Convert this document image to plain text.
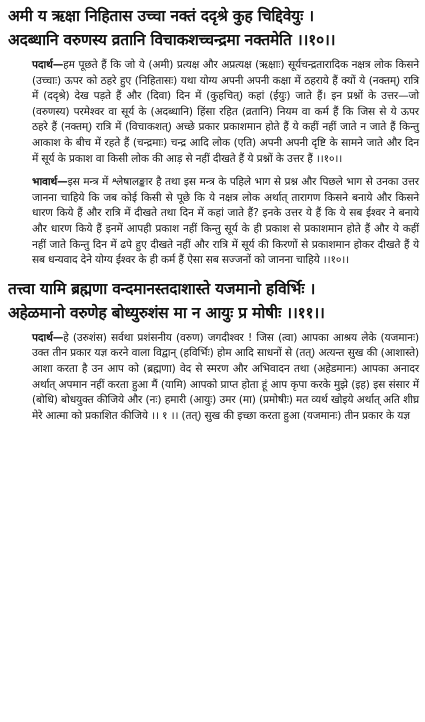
अमी य ऋक्षा निहितास उच्चा नक्तं ददृश्रे कुह चिद्दिवेयुः ।

अदब्धानि वरुणस्य व्रतानि विचाकशच्चन्द्रमा नक्तमेति ।।१०।।

पदार्थ—हम पूछते हैं कि जो ये (अमी) प्रत्यक्ष और अप्रत्यक्ष (ऋक्षाः) सूर्यचन्द्रतारादिक नक्षत्र लोक किसने (उच्चाः) ऊपर को ठहरे हुए (निहितासः) यथा योग्य अपनी अपनी कक्षा में ठहराये हैं क्यों ये (नक्तम्) रात्रि में (ददृश्रे) देख पड़ते हैं और (दिवा) दिन में (कुहचित्) कहां (ईयुः) जाते हैं। इन प्रश्नों के उत्तर—जो (वरुणस्य) परमेश्वर वा सूर्य के (अदब्धानि) हिंसा रहित (व्रतानि) नियम वा कर्म हैं कि जिस से ये ऊपर ठहरे हैं (नक्तम्) रात्रि में (विचाकशत्) अच्छे प्रकार प्रकाशमान होते हैं ये कहीं नहीं जाते न जाते हैं किन्तु आकाश के बीच में रहते हैं (चन्द्रमाः) चन्द्र आदि लोक (एति) अपनी अपनी दृष्टि के सामने जाते और दिन में सूर्य के प्रकाश वा किसी लोक की आड़ से नहीं दीखते हैं ये प्रश्नों के उत्तर हैं ।।१०।।

भावार्थ—इस मन्त्र में श्लेषालङ्कार है तथा इस मन्त्र के पहिले भाग से प्रश्न और पिछले भाग से उनका उत्तर जानना चाहिये कि जब कोई किसी से पूछे कि ये नक्षत्र लोक अर्थात् तारागण किसने बनाये और किसने धारण किये हैं और रात्रि में दीखते तथा दिन में कहां जाते हैं? इनके उत्तर ये हैं कि ये सब ईश्वर ने बनाये और धारण किये हैं इनमें आपही प्रकाश नहीं किन्तु सूर्य के ही प्रकाश से प्रकाशमान होते हैं और ये कहीं नहीं जाते किन्तु दिन में ढपे हुए दीखते नहीं और रात्रि में सूर्य की किरणों से प्रकाशमान होकर दीखते हैं ये सब धन्यवाद देने योग्य ईश्वर के ही कर्म हैं ऐसा सब सज्जनों को जानना चाहिये ।।१०।।

तत्त्वा यामि ब्रह्मणा वन्दमानस्तदाशास्ते यजमानो हविर्भिः ।

अहेळमानो वरुणेह बोध्युरुशंस मा न आयुः प्र मोषीः ।।११।।

पदार्थ—हे (उरुशंस) सर्वथा प्रशंसनीय (वरुण) जगदीश्वर ! जिस (त्वा) आपका आश्रय लेके (यजमानः) उक्त तीन प्रकार यज्ञ करने वाला विद्वान् (हविर्भिः) होम आदि साधनों से (तत्) अत्यन्त सुख की (आशास्ते) आशा करता है उन आप को (ब्रह्मणा) वेद से स्मरण और अभिवादन तथा (अहेडमानः) आपका अनादर अर्थात् अपमान नहीं करता हुआ मैं (यामि) आपको प्राप्त होता हूं आप कृपा करके मुझे (इह) इस संसार में (बोधि) बोधयुक्त कीजिये और (नः) हमारी (आयुः) उमर (मा) (प्रमोषीः) मत व्यर्थ खोइये अर्थात् अति शीघ्र मेरे आत्मा को प्रकाशित कीजिये ।। १ ।। (तत्) सुख की इच्छा करता हुआ (यजमानः) तीन प्रकार के यज्ञ
